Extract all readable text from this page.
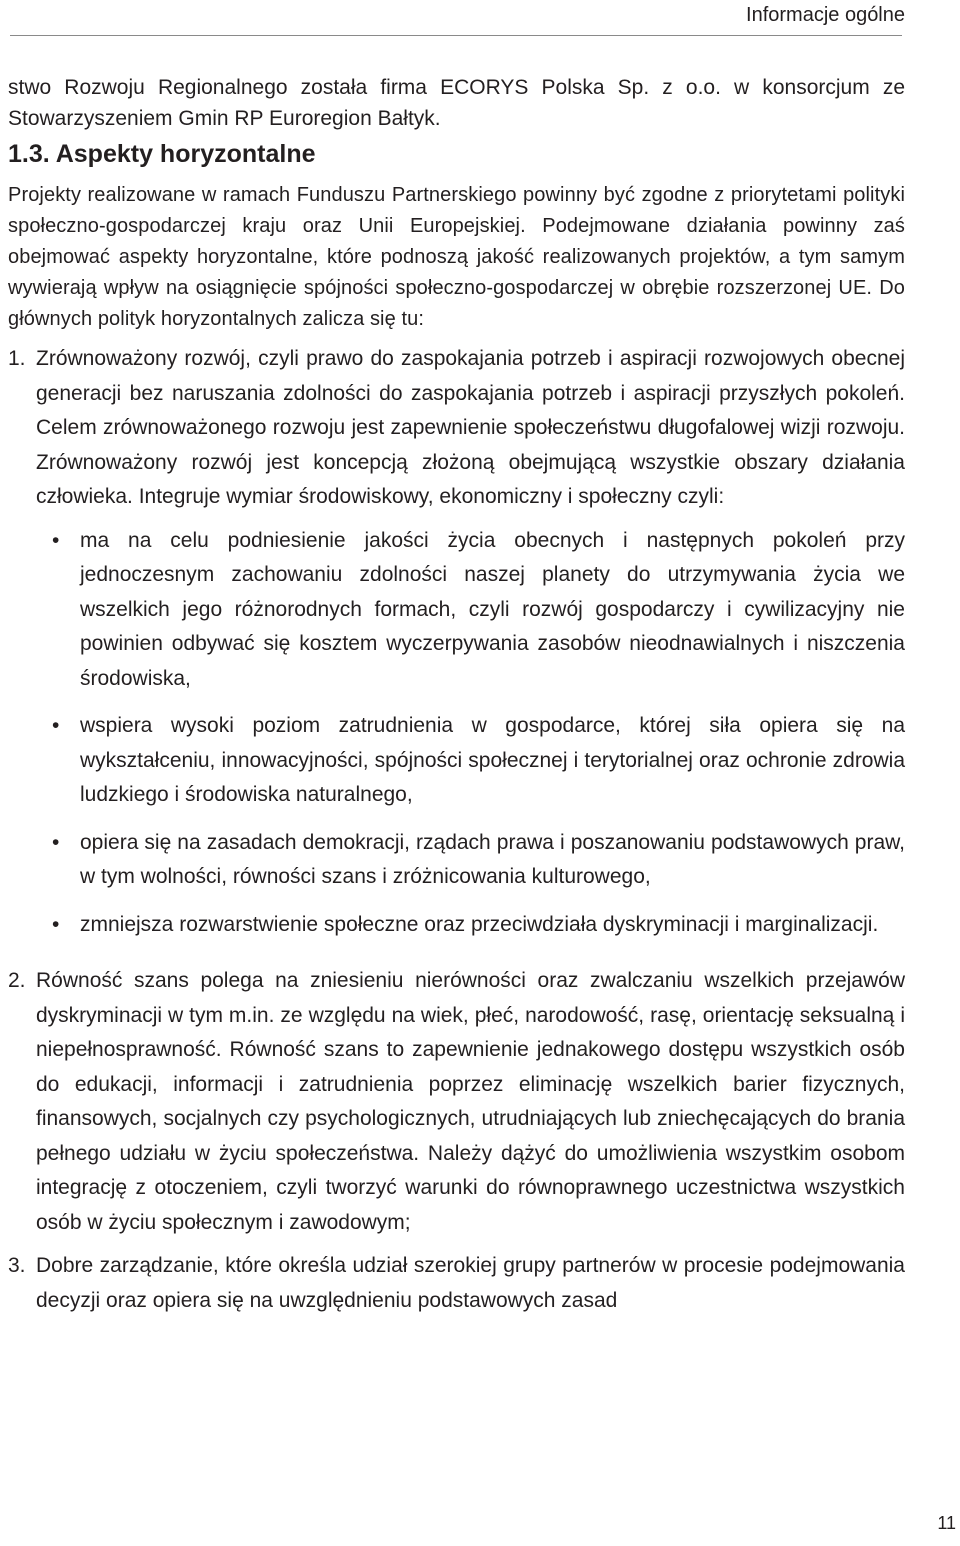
Informacje ogólne

stwo Rozwoju Regionalnego została firma ECORYS Polska Sp. z o.o. w konsorcjum ze Stowarzyszeniem Gmin RP Euroregion Bałtyk.

1.3. Aspekty horyzontalne

Projekty realizowane w ramach Funduszu Partnerskiego powinny być zgodne z priorytetami polityki społeczno-gospodarczej kraju oraz Unii Europejskiej. Podejmowane działania powinny zaś obejmować aspekty horyzontalne, które podnoszą jakość realizowanych projektów, a tym samym wywierają wpływ na osiągnięcie spójności społeczno-gospodarczej w obrębie rozszerzonej UE. Do głównych polityk horyzontalnych zalicza się tu:

1. Zrównoważony rozwój, czyli prawo do zaspokajania potrzeb i aspiracji rozwojowych obecnej generacji bez naruszania zdolności do zaspokajania potrzeb i aspiracji przyszłych pokoleń. Celem zrównoważonego rozwoju jest zapewnienie społeczeństwu długofalowej wizji rozwoju. Zrównoważony rozwój jest koncepcją złożoną obejmującą wszystkie obszary działania człowieka. Integruje wymiar środowiskowy, ekonomiczny i społeczny czyli:
• ma na celu podniesienie jakości życia obecnych i następnych pokoleń przy jednoczesnym zachowaniu zdolności naszej planety do utrzymywania życia we wszelkich jego różnorodnych formach, czyli rozwój gospodarczy i cywilizacyjny nie powinien odbywać się kosztem wyczerpywania zasobów nieodnawialnych i niszczenia środowiska,
• wspiera wysoki poziom zatrudnienia w gospodarce, której siła opiera się na wykształceniu, innowacyjności, spójności społecznej i terytorialnej oraz ochronie zdrowia ludzkiego i środowiska naturalnego,
• opiera się na zasadach demokracji, rządach prawa i poszanowaniu podstawowych praw, w tym wolności, równości szans i zróżnicowania kulturowego,
• zmniejsza rozwarstwienie społeczne oraz przeciwdziała dyskryminacji i marginalizacji.
2. Równość szans polega na zniesieniu nierówności oraz zwalczaniu wszelkich przejawów dyskryminacji w tym m.in. ze względu na wiek, płeć, narodowość, rasę, orientację seksualną i niepełnosprawność. Równość szans to zapewnienie jednakowego dostępu wszystkich osób do edukacji, informacji i zatrudnienia poprzez eliminację wszelkich barier fizycznych, finansowych, socjalnych czy psychologicznych, utrudniających lub zniechęcających do brania pełnego udziału w życiu społeczeństwa. Należy dążyć do umożliwienia wszystkim osobom integrację z otoczeniem, czyli tworzyć warunki do równoprawnego uczestnictwa wszystkich osób w życiu społecznym i zawodowym;
3. Dobre zarządzanie, które określa udział szerokiej grupy partnerów w procesie podejmowania decyzji oraz opiera się na uwzględnieniu podstawowych zasad
11
